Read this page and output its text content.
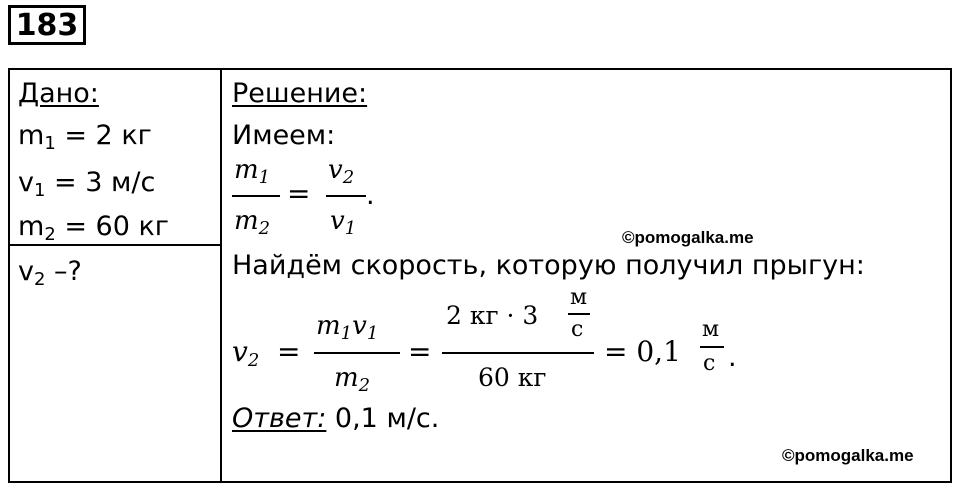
183
Дано:
$m_1 = 2$ кг
$v_1 = 3$ м/с
$m_2 = 60$ кг
$v_2$ –?
Решение:
Имеем:
$m_1$
$m_2$
=
$v_2$
$v_1$
.
©pomogalka.me
Найдём скорость, которую получил прыгун:
$v_2$ =
$m_1v_1$
$m_2$
=
2 кг · 3
м
с
60 кг
= 0,1
м
с .
Ответ: 0,1 м/с.
©pomogalka.me
